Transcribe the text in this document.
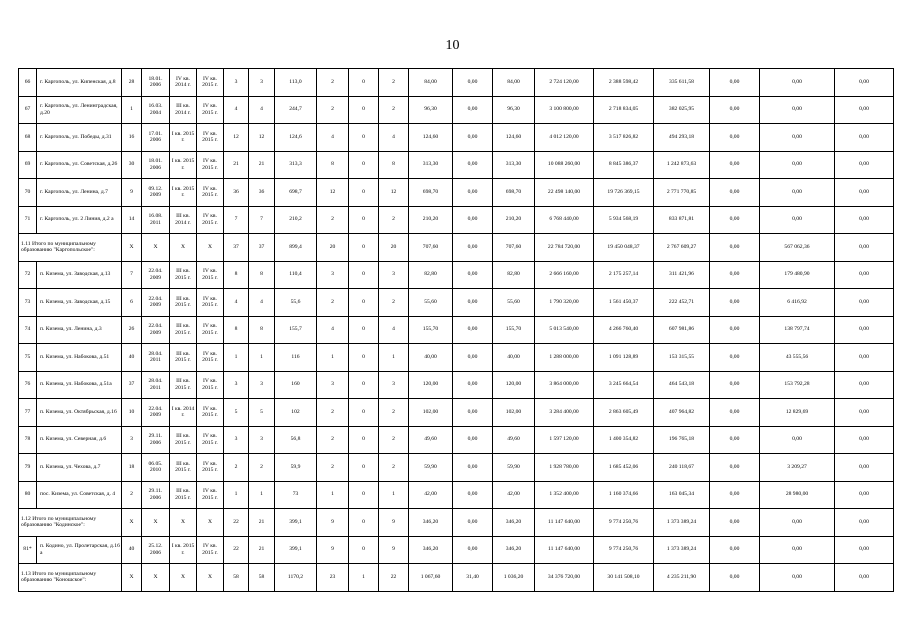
10
66	г. Каргополь, ул. Кипенская, д.8	28	18.01. 2006	IV кв. 2014 г.	IV кв. 2015 г.	3	3	113,0	2	0	2	84,00	0,00	84,00	2 724 120,00	2 388 598,42	335 611,58	0,00	0,00	0,00
67	г. Каргополь, ул. Ленинградская, д.20	1	16.03. 2004	III кв. 2014 г.	IV кв. 2015 г.	4	4	244,7	2	0	2	96,30	0,00	96,30	3 100 800,00	2 718 834,05	382 025,95	0,00	0,00	0,00
68	г. Каргополь, ул. Победы, д.31	16	17.01. 2006	I кв. 2015 г.	IV кв. 2015 г.	12	12	124,6	4	0	4	124,60	0,00	124,60	4 012 120,00	3 517 826,82	494 293,18	0,00	0,00	0,00
69	г. Каргополь, ул. Советская, д.26	30	18.01. 2006	I кв. 2015 г.	IV кв. 2015 г.	21	21	313,3	8	0	8	313,30	0,00	313,30	10 088 260,00	8 845 386,37	1 242 873,63	0,00	0,00	0,00
70	г. Каргополь, ул. Ленина, д.7	9	09.12. 2009	I кв. 2015 г.	IV кв. 2015 г.	36	36	698,7	12	0	12	698,70	0,00	698,70	22 498 140,00	19 726 369,15	2 771 770,85	0,00	0,00	0,00
71	г. Каргополь, ул. 2 Линия, д.2 а	14	16.08. 2011	III кв. 2014 г.	IV кв. 2015 г.	7	7	210,2	2	0	2	210,20	0,00	210,20	6 768 440,00	5 934 568,19	833 871,81	0,00	0,00	0,00
1.11 Итого по муниципальному образованию "Каргопольское":		Х	Х	Х	Х	37	37	899,4	20	0	20	707,60	0,00	707,60	22 784 720,00	19 450 048,37	2 767 609,27	0,00	567 062,36	0,00
72	п. Кизема, ул. Заводская, д.13	7	22.04. 2009	III кв. 2015 г.	IV кв. 2015 г.	8	8	110,4	3	0	3	82,80	0,00	82,80	2 666 160,00	2 175 257,14	311 421,96	0,00	179 480,90	0,00
73	п. Кизема, ул. Заводская, д.15	6	22.04. 2009	III кв. 2015 г.	IV кв. 2015 г.	4	4	55,6	2	0	2	55,60	0,00	55,60	1 790 320,00	1 561 450,37	222 452,71	0,00	6 416,92	0,00
74	п. Кизема, ул. Ленина, д.3	26	22.04. 2009	III кв. 2015 г.	IV кв. 2015 г.	8	8	155,7	4	0	4	155,70	0,00	155,70	5 013 540,00	4 266 760,40	607 981,86	0,00	138 797,74	0,00
75	п. Кизема, ул. Набокова, д.51	40	28.04. 2011	III кв. 2015 г.	IV кв. 2015 г.	1	1	116	1	0	1	40,00	0,00	40,00	1 288 000,00	1 091 128,89	153 315,55	0,00	43 555,56	0,00
76	п. Кизема, ул. Набокова, д.51а	37	28.04. 2011	III кв. 2015 г.	IV кв. 2015 г.	3	3	160	3	0	3	120,00	0,00	120,00	3 864 000,00	3 245 664,54	464 543,18	0,00	153 792,28	0,00
77	п. Кизема, ул. Октябрьская, д.16	10	22.04. 2009	I кв. 2014 г.	IV кв. 2015 г.	5	5	102	2	0	2	102,00	0,00	102,00	3 284 400,00	2 863 605,49	407 964,82	0,00	12 829,69	0,00
78	п. Кизема, ул. Северная, д.6	3	29.11. 2006	III кв. 2015 г.	IV кв. 2015 г.	3	3	56,8	2	0	2	49,60	0,00	49,60	1 597 120,00	1 400 354,82	196 765,18	0,00	0,00	0,00
79	п. Кизема, ул. Чехова, д.7	18	06.05. 2010	III кв. 2015 г.	IV кв. 2015 г.	2	2	59,9	2	0	2	59,90	0,00	59,90	1 928 780,00	1 685 452,06	240 118,67	0,00	3 209,27	0,00
80	пос. Кизема, ул. Советская, д. 4	2	29.11. 2006	III кв. 2015 г.	IV кв. 2015 г.	1	1	73	1	0	1	42,00	0,00	42,00	1 352 400,00	1 160 374,66	163 045,34	0,00	28 980,00	0,00
1.12 Итого по муниципальному образованию "Кодинское":		Х	Х	Х	Х	22	21	399,1	9	0	9	346,20	0,00	346,20	11 147 640,00	9 774 250,76	1 373 389,24	0,00	0,00	0,00
81*	п. Кодино, ул. Пролетарская, д.16 а	40	25.12. 2006	I кв. 2015 г.	IV кв. 2015 г.	22	21	399,1	9	0	9	346,20	0,00	346,20	11 147 640,00	9 774 250,76	1 373 389,24	0,00	0,00	0,00
1.13 Итого по муниципальному образованию "Коношское":		Х	Х	Х	Х	58	58	1170,2	23	1	22	1 067,60	31,40	1 036,20	34 376 720,00	30 141 508,10	4 235 211,90	0,00	0,00	0,00
